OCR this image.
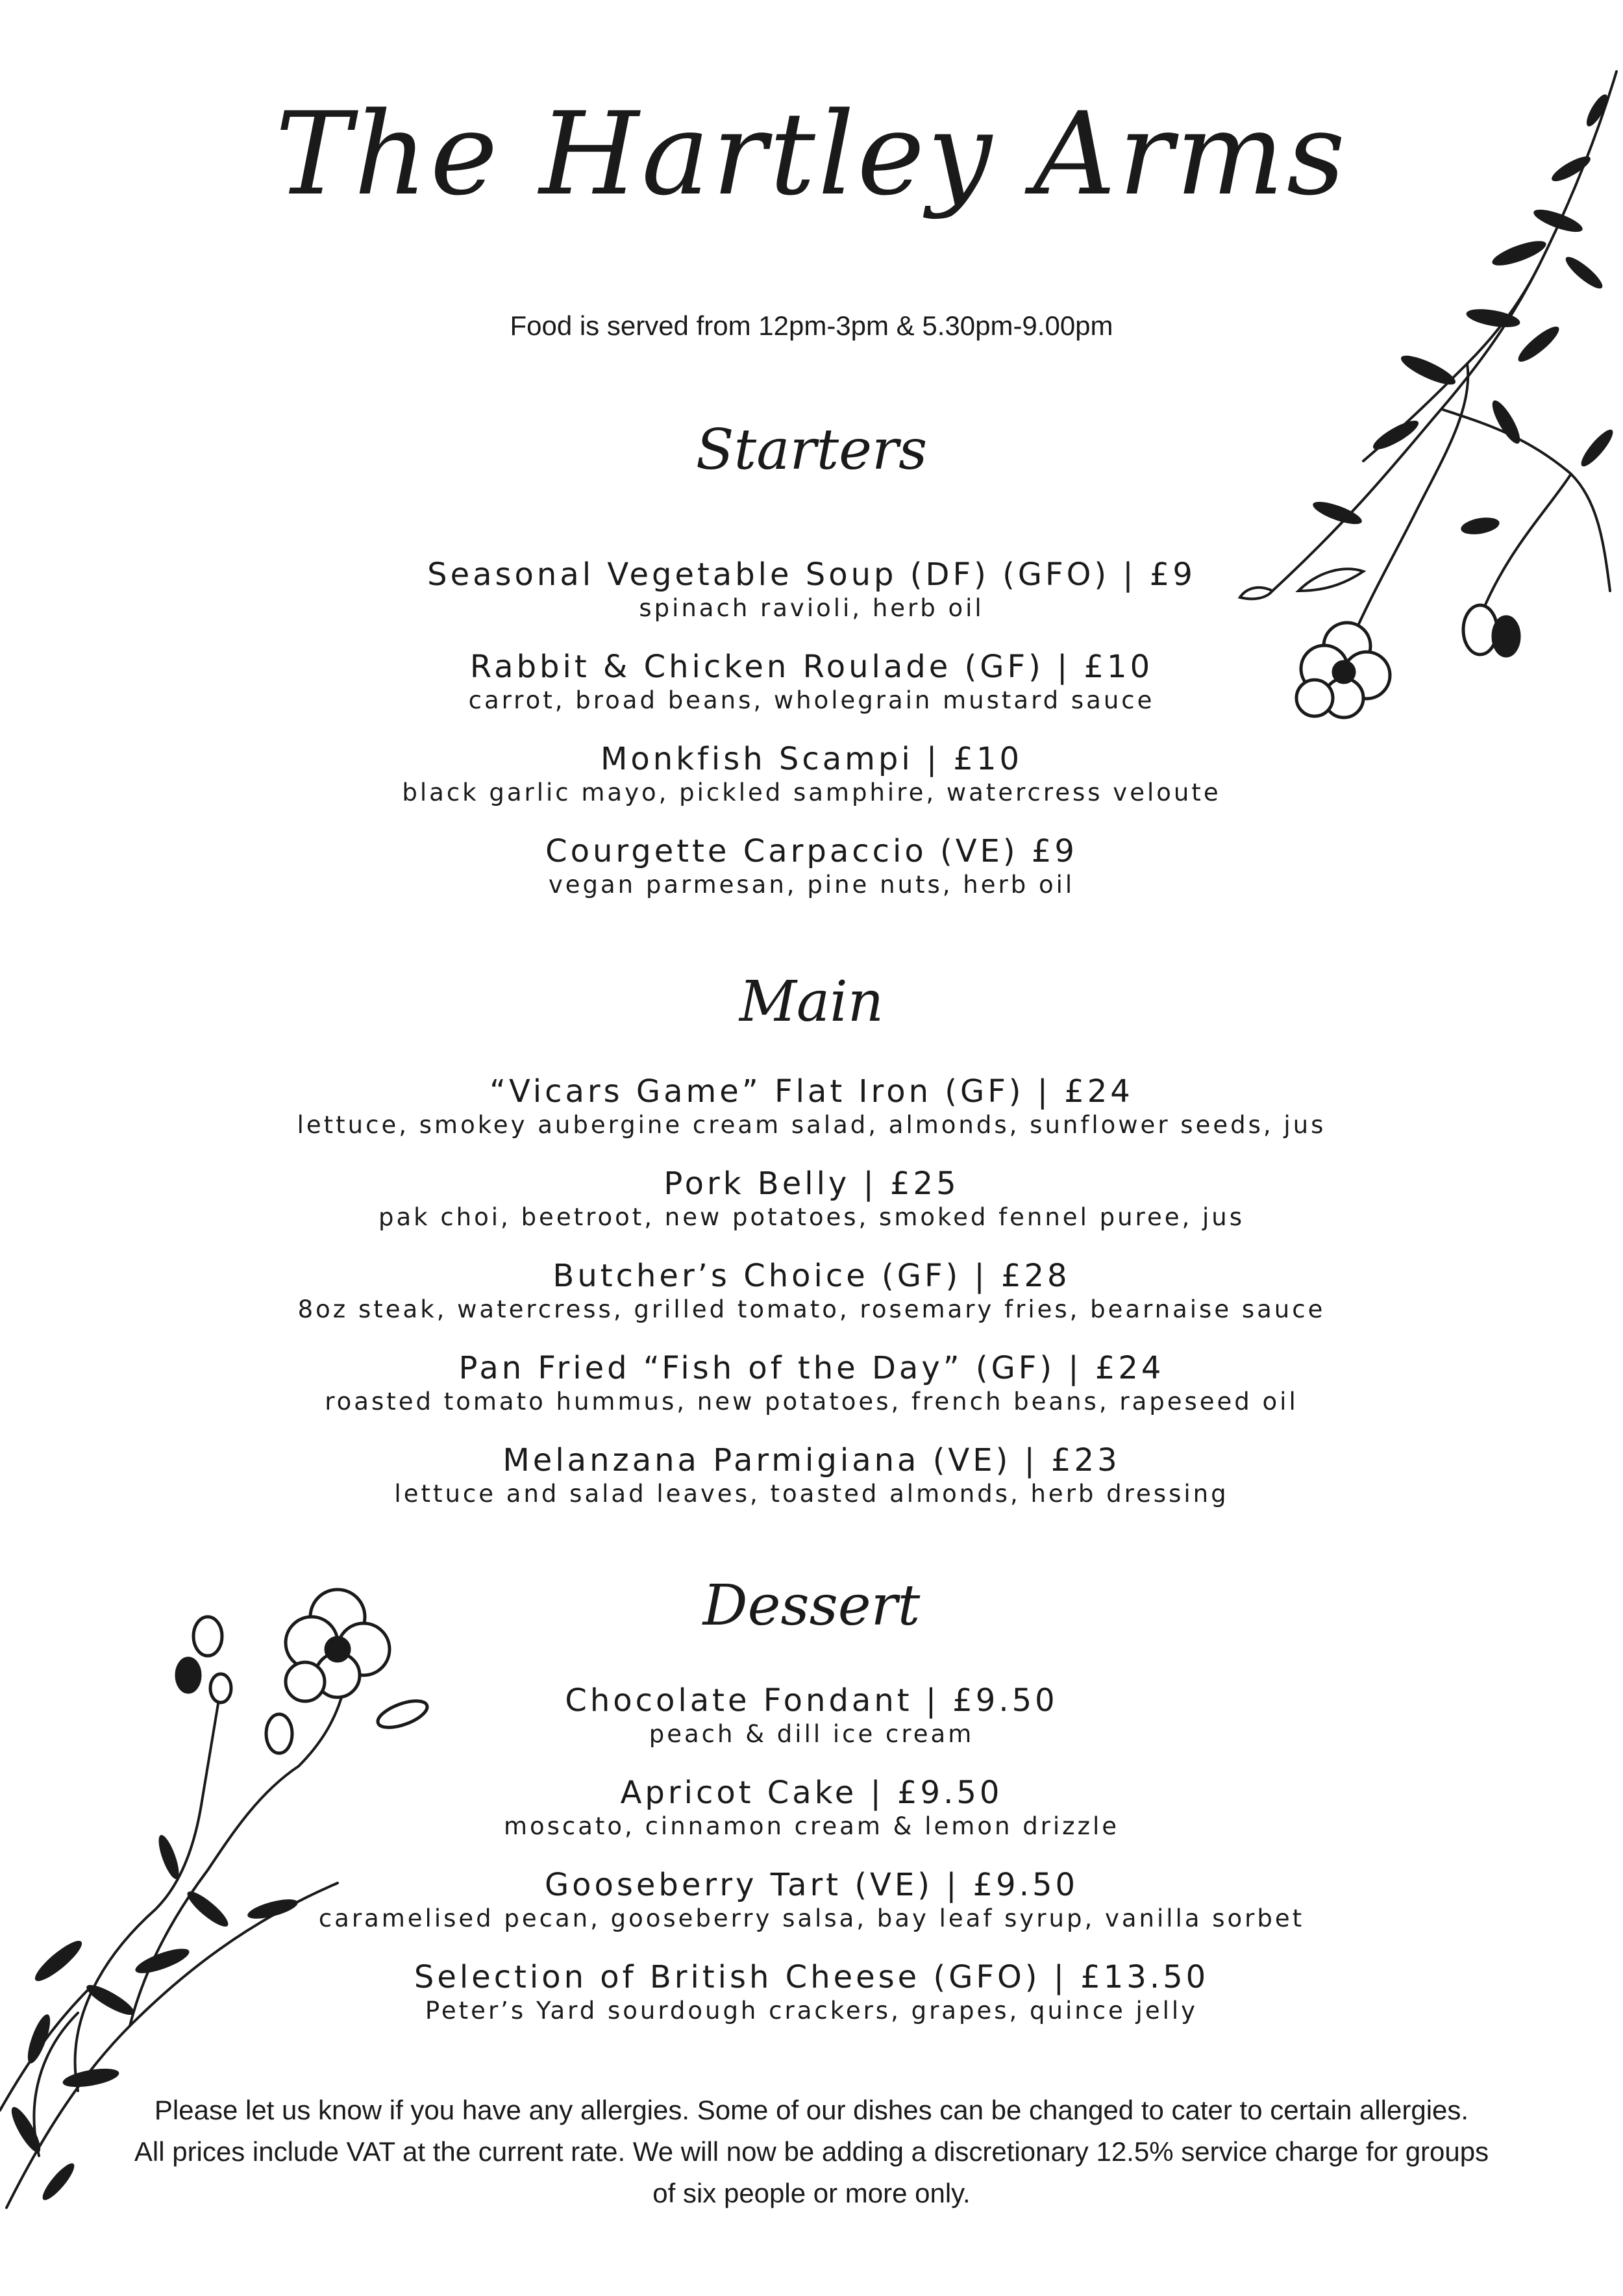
The Hartley Arms
Food is served from 12pm-3pm & 5.30pm-9.00pm
Starters
Seasonal Vegetable Soup (DF) (GFO) | £9
spinach ravioli, herb oil
Rabbit & Chicken Roulade (GF) | £10
carrot, broad beans, wholegrain mustard sauce
Monkfish Scampi | £10
black garlic mayo, pickled samphire, watercress veloute
Courgette Carpaccio (VE) £9
vegan parmesan, pine nuts, herb oil
Main
“Vicars Game” Flat Iron (GF) | £24
lettuce, smokey aubergine cream salad, almonds, sunflower seeds, jus
Pork Belly | £25
pak choi, beetroot, new potatoes, smoked fennel puree, jus
Butcher’s Choice (GF) | £28
8oz steak, watercress, grilled tomato, rosemary fries, bearnaise sauce
Pan Fried “Fish of the Day” (GF) | £24
roasted tomato hummus, new potatoes, french beans, rapeseed oil
Melanzana Parmigiana (VE) | £23
lettuce and salad leaves, toasted almonds, herb dressing
Dessert
Chocolate Fondant | £9.50
peach & dill ice cream
Apricot Cake | £9.50
moscato, cinnamon cream & lemon drizzle
Gooseberry Tart (VE) | £9.50
caramelised pecan, gooseberry salsa, bay leaf syrup, vanilla sorbet
Selection of British Cheese (GFO) | £13.50
Peter’s Yard sourdough crackers, grapes, quince jelly
Please let us know if you have any allergies. Some of our dishes can be changed to cater to certain allergies.
All prices include VAT at the current rate. We will now be adding a discretionary 12.5% service charge for groups
of six people or more only.
